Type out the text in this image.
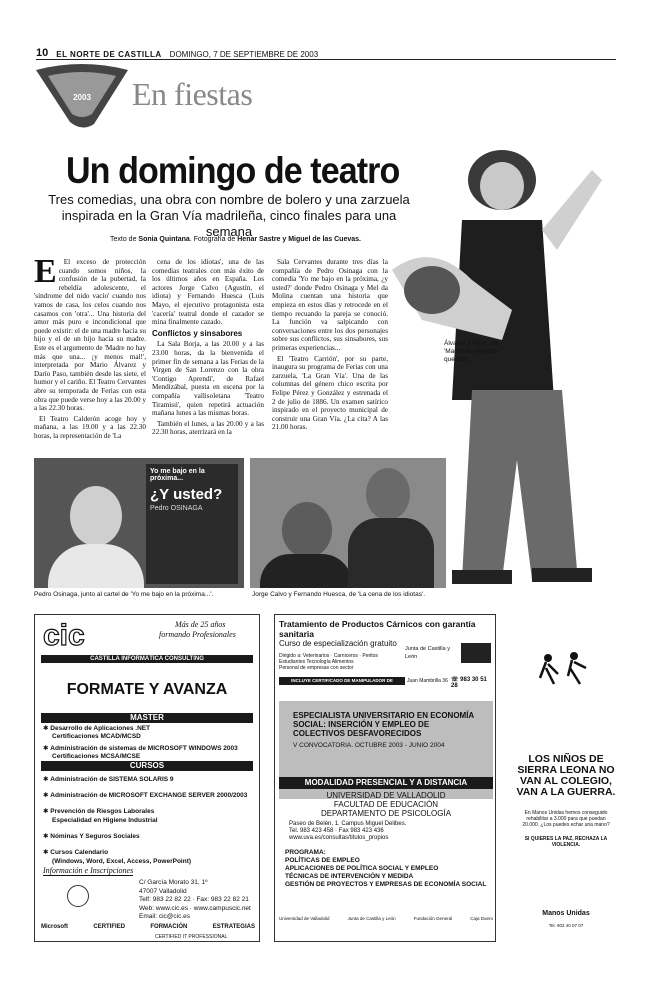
10 EL NORTE DE CASTILLA DOMINGO, 7 DE SEPTIEMBRE DE 2003
2003 En fiestas
Un domingo de teatro
Tres comedias, una obra con nombre de bolero y una zarzuela inspirada en la Gran Vía madrileña, cinco finales para una semana
Texto de Sonia Quintana. Fotografía de Henar Sastre y Miguel de las Cuevas.
Álvarez y Paso, de 'Madre no hay más que una'.
E El exceso de protección cuando somos niños, la confusión de la pubertad, la rebeldía adolescente, el 'síndrome del nido vacío' cuando nos vamos de casa, los celos cuando nos casamos con 'otra'... Una historia del amor más puro e incondicional que puede existir: el de una madre hacia su hijo y el de un hijo hacia su madre. Este es el argumento de 'Madre no hay más que una... ¡y menos mal!', interpretada por Mario Álvarez y Darío Paso, también desde las siete, el humor y el cariño. El Teatro Cervantes abre su temporada de Ferias con esta obra que puede verse hoy a las 20.00 y a las 22.30 horas.

El Teatro Calderón acoge hoy y mañana, a las 19.00 y a las 22.30 horas, la representación de 'La

cena de los idiotas', una de las comedias teatrales con más éxito de los últimos años en España. Los actores Jorge Calvo (Agustín, el idiota) y Fernando Huesca (Luis Mayo, el ejecutivo protagonista esta 'cacería' teatral donde el cazador se mina finalmente cazado.

Conflictos y sinsabores

La Sala Borja, a las 20.00 y a las 23.00 horas, da la bienvenida el primer fin de semana a las Ferias de la Virgen de San Lorenzo con la obra 'Contigo Aprendí', de Rafael Mendizábal, puesta en escena por la compañía vallisoletana 'Teatro Tiramisú', quien repetirá actuación mañana lunes a las mismas horas.

También el lunes, a las 20.00 y a las 22.30 horas, aterrizará en la

Sala Cervantes durante tres días la compañía de Pedro Osinaga con la comedia 'Yo me bajo en la próxima, ¿y usted?' donde Pedro Osinaga y Mel da Molina cuentan una historia que empieza en estos días y retrocede en el tiempo recuando la pareja se conoció. La función va salpicando con conversaciones entre los dos personajes sobre sus conflictos, sus sinsabores, sus primeras experiencias...

El 'Teatro Carrión', por su parte, inaugura su programa de Ferias con una zarzuela, 'La Gran Vía'. Una de las columnas del género chico escrita por Felipe Pérez y González y estrenada el 2 de julio de 1886. Un examen satírico inspirado en el proyecto municipal de construir una Gran Vía. ¿La cita? A las 21.00 horas.

Yo me bajo en la próxima...
¿Y usted?
Pedro OSINAGA
Pedro Osinaga, junto al cartel de 'Yo me bajo en la próxima...'.	Jorge Calvo y Fernando Huesca, de 'La cena de los idiotas'.
Más de 25 años
formando Profesionales
cic
CASTILLA INFORMÁTICA CONSULTING
FORMATE Y AVANZA
MASTER
✱ Desarrollo de Aplicaciones .NET
Certificaciones MCAD/MCSD
✱ Administración de sistemas de MICROSOFT WINDOWS 2003
Certificaciones MCSA/MCSE
CURSOS
✱ Administración de SISTEMA SOLARIS 9
✱ Administración de MICROSOFT EXCHANGE SERVER 2000/2003
✱ Prevención de Riesgos Laborales
Especialidad en Higiene Industrial
✱ Nóminas Y Seguros Sociales
✱ Cursos Calendario
(Windows, Word, Excel, Access, PowerPoint)
Información e Inscripciones
C/ García Morato 31, 1º
47007 Valladolid
Telf: 983 22 82 22 · Fax: 983 22 82 21
Web: www.cic.es · www.campuscic.net
Email: cic@cic.es
Microsoft	CERTIFIED	FORMACIÓN	ESTRATEGIAS
CERTIFIED IT PROFESSIONAL
Tratamiento de Productos Cárnicos con garantía sanitaria
Curso de especialización gratuito
Dirigido a: Veterinarios · Carniceros · Peritos
Estudiantes Tecnología Alimentos
Personal de empresas con sector
Junta de Castilla y León
INCLUYE CERTIFICADO DE MANIPULADOR DE ALIMENTOS
Juan Mambrilla 36 ☏ 983 30 51 28
ESPECIALISTA UNIVERSITARIO EN ECONOMÍA SOCIAL: INSERCIÓN Y EMPLEO DE COLECTIVOS DESFAVORECIDOS
V CONVOCATORIA. OCTUBRE 2003 - JUNIO 2004
MODALIDAD PRESENCIAL Y A DISTANCIA
UNIVERSIDAD DE VALLADOLID
FACULTAD DE EDUCACIÓN
DEPARTAMENTO DE PSICOLOGÍA
Paseo de Belén, 1. Campus Miguel Delibes.
Tel. 983 423 458 · Fax 983 423 436
www.uva.es/consultas/titulos_propios
PROGRAMA:
POLÍTICAS DE EMPLEO
APLICACIONES DE POLÍTICA SOCIAL Y EMPLEO
TÉCNICAS DE INTERVENCIÓN Y MEDIDA
GESTIÓN DE PROYECTOS Y EMPRESAS DE ECONOMÍA SOCIAL
Universidad de Valladolid	Junta de Castilla y León	Fundación General	Caja Duero
LOS NIÑOS DE SIERRA LEONA NO VAN AL COLEGIO, VAN A LA GUERRA.
En Manos Unidas hemos conseguido rehabilitar a 3.000 para que puedan 20.000. ¿Los puedes echar una mano?
SI QUIERES LA PAZ, RECHAZA LA VIOLENCIA.
Manos Unidas
Tel. 902 40 07 07
